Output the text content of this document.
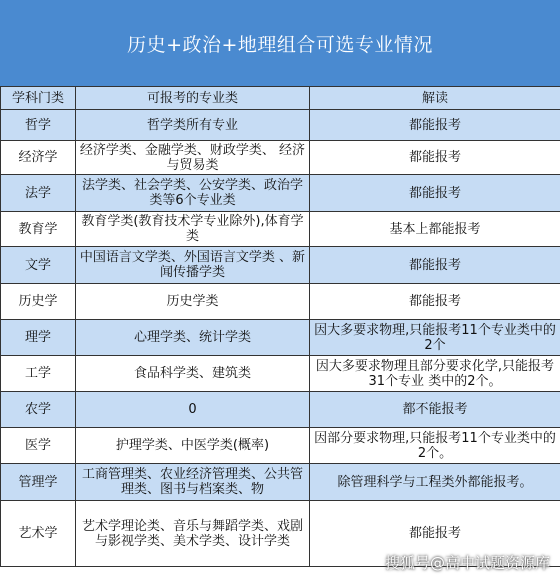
历史+政治+地理组合可选专业情况
学科门类	可报考的专业类	解读
哲学	哲学类所有专业	都能报考
经济学	经济学类、金融学类、财政学类、 经济与贸易类	都能报考
法学	法学类、社会学类、公安学类、政治学类等6个专业类	都能报考
教育学	教育学类(教育技术学专业除外),体育学类	基本上都能报考
文学	中国语言文学类、外国语言文学类 、新闻传播学类	都能报考
历史学	历史学类	都能报考
理学	心理学类、统计学类	因大多要求物理,只能报考11个专业类中的2个
工学	食品科学类、建筑类	因大多要求物理且部分要求化学,只能报考31个专业 类中的2个。
农学	0	都不能报考
医学	护理学类、中医学类(概率)	因部分要求物理,只能报考11个专业类中的2个。
管理学	工商管理类、农业经济管理类、公共管理类、图书与档案类、物	除管理科学与工程类外都能报考。
艺术学	艺术学理论类、音乐与舞蹈学类、戏剧与影视学类、美术学类、设计学类	都能报考
搜狐号@高中试题资源库
